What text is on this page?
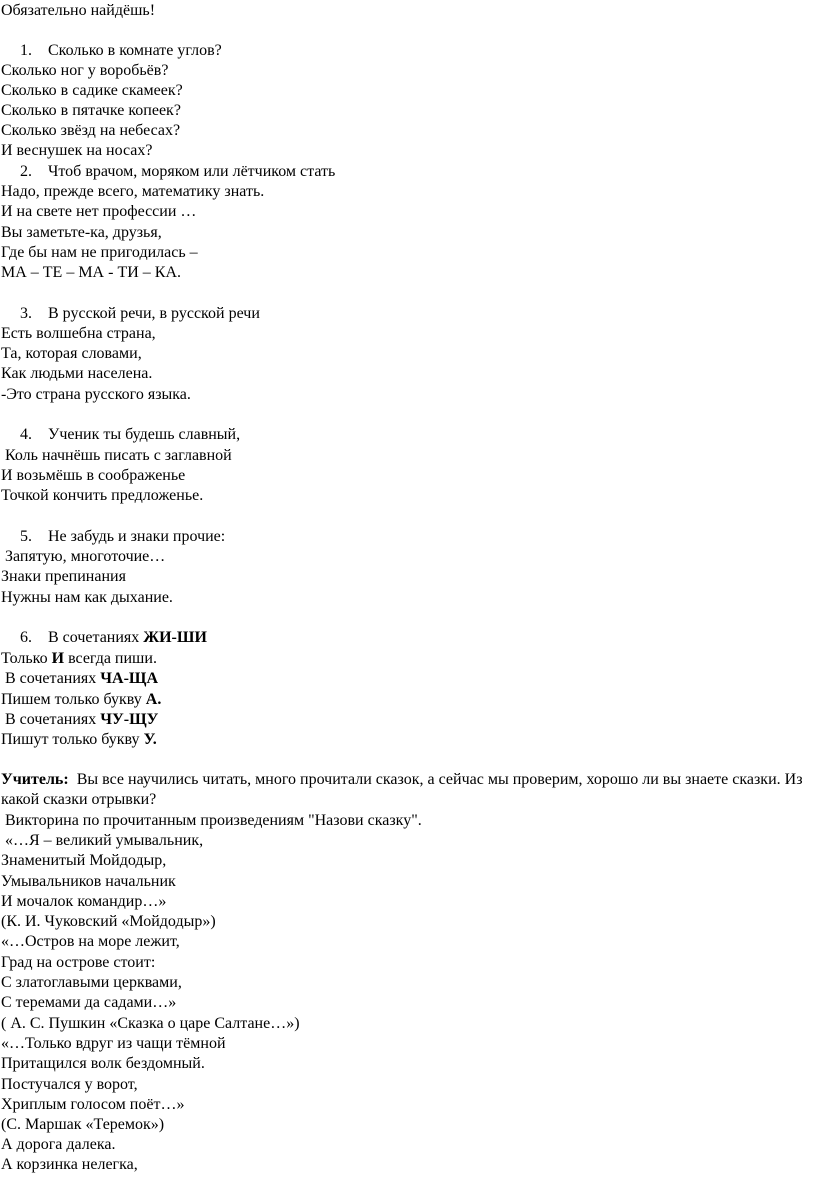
Обязательно найдёшь!
1. Сколько в комнате углов?
Сколько ног у воробьёв?
Сколько в садике скамеек?
Сколько в пятачке копеек?
Сколько звёзд на небесах?
И веснушек на носах?
2. Чтоб врачом, моряком или лётчиком стать
Надо, прежде всего, математику знать.
И на свете нет профессии …
Вы заметьте-ка, друзья,
Где бы нам не пригодилась –
МА – ТЕ – МА - ТИ – КА.
3. В русской речи, в русской речи
Есть волшебна страна,
Та, которая словами,
Как людьми населена.
-Это страна русского языка.
4. Ученик ты будешь славный,
Коль начнёшь писать с заглавной
И возьмёшь в соображенье
Точкой кончить предложенье.
5. Не забудь и знаки прочие:
Запятую, многоточие…
Знаки препинания
Нужны нам как дыхание.
6. В сочетаниях ЖИ-ШИ
Только И всегда пиши.
В сочетаниях ЧА-ЩА
Пишем только букву А.
В сочетаниях ЧУ-ЩУ
Пишут только букву У.
Учитель:  Вы все научились читать, много прочитали сказок, а сейчас мы проверим, хорошо ли вы знаете сказки. Из какой сказки отрывки?
Викторина по прочитанным произведениям "Назови сказку".
«…Я – великий умывальник,
Знаменитый Мойдодыр,
Умывальников начальник
И мочалок командир…»
(К. И. Чуковский «Мойдодыр»)
«…Остров на море лежит,
Град на острове стоит:
С златоглавыми церквами,
С теремами да садами…»
( А. С. Пушкин «Сказка о царе Салтане…»)
«…Только вдруг из чащи тёмной
Притащился волк бездомный.
Постучался у ворот,
Хриплым голосом поёт…»
(С. Маршак «Теремок»)
А дорога далека.
А корзинка нелегка,
